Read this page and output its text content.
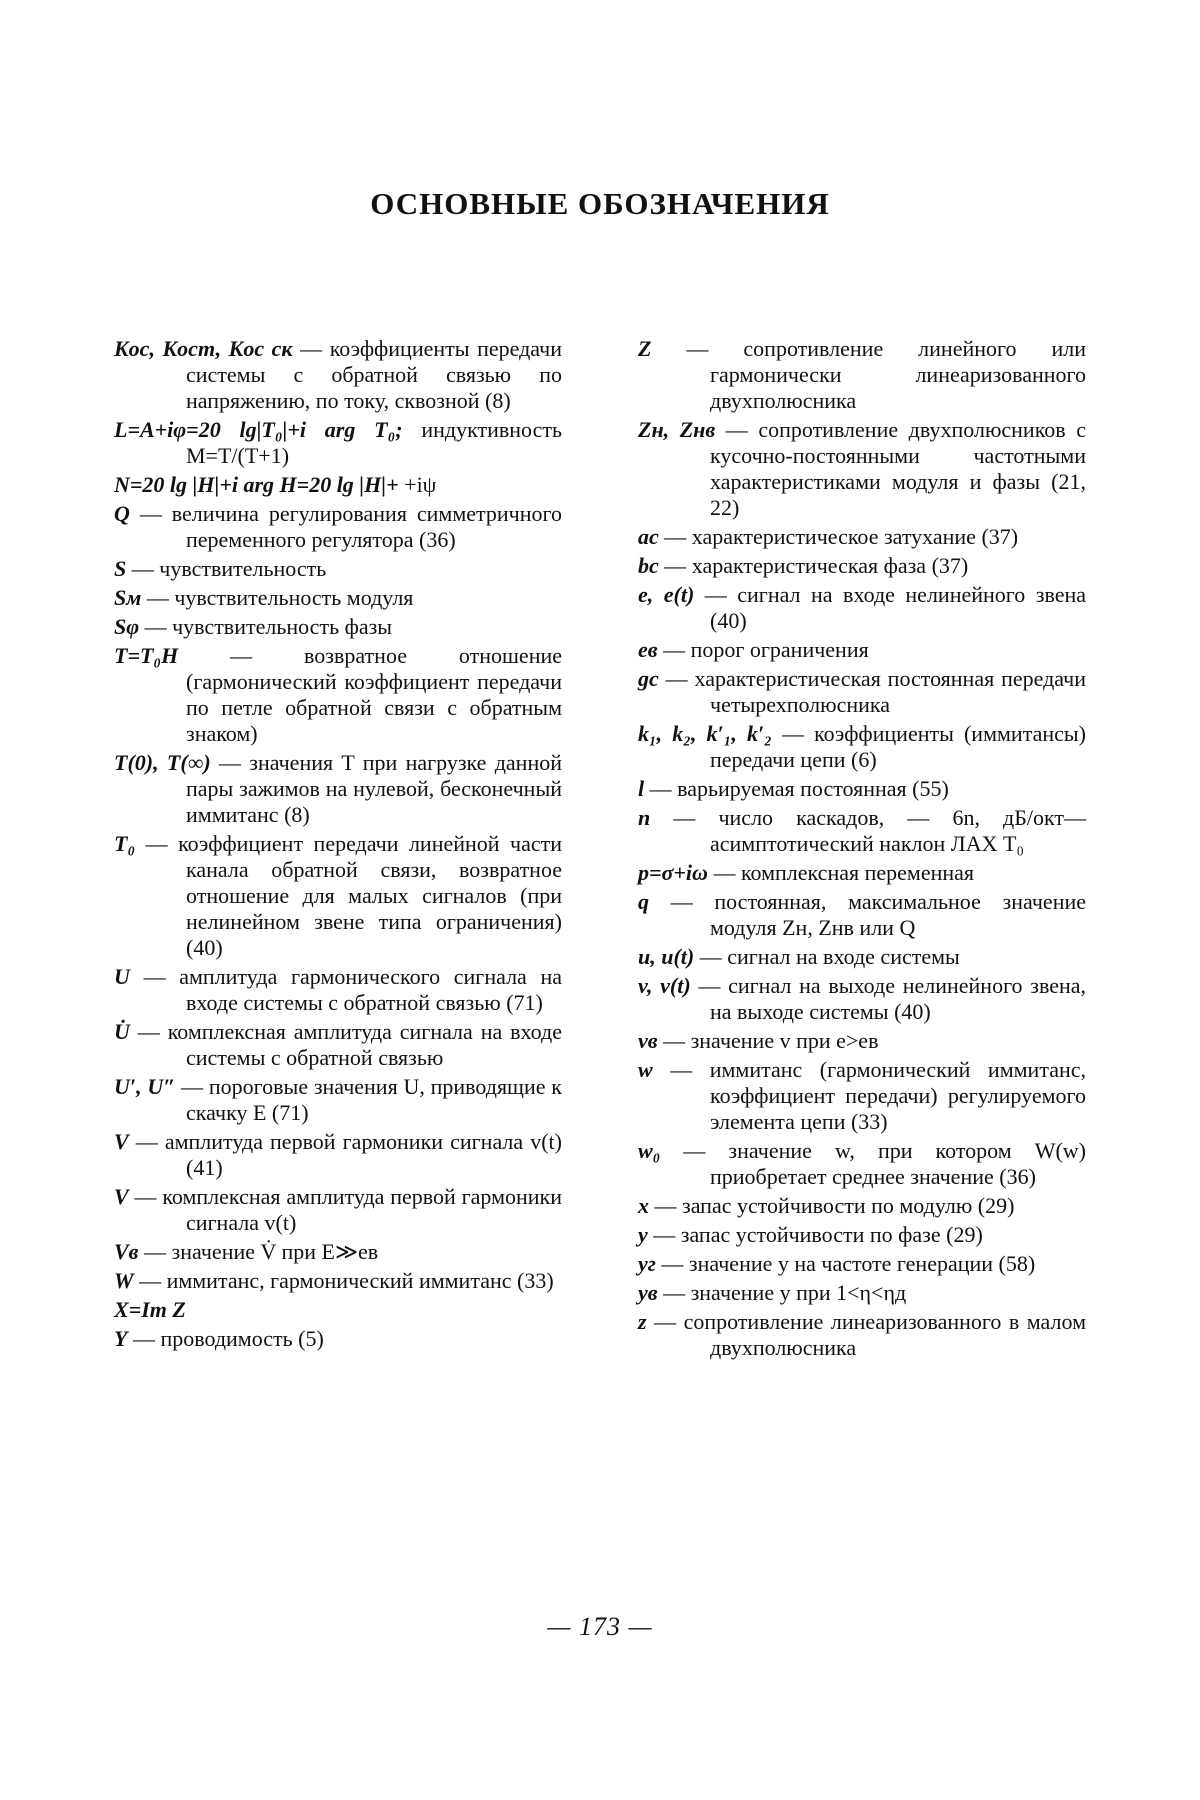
ОСНОВНЫЕ ОБОЗНАЧЕНИЯ
Kос, Kост, Kос ск — коэффициенты передачи системы с обратной связью по напряжению, по току, сквозной (8)
L=A+iφ=20 lg|T₀|+i arg T₀; индуктивность M=T/(T+1)
N=20 lg |H|+i arg H=20 lg |H|+ +iψ
Q — величина регулирования симметричного переменного регулятора (36)
S — чувствительность
Sм — чувствительность модуля
Sφ — чувствительность фазы
T=T₀H — возвратное отношение (гармонический коэффициент передачи по петле обратной связи с обратным знаком)
T(0), T(∞) — значения T при нагрузке данной пары зажимов на нулевой, бесконечный иммитанс (8)
T₀ — коэффициент передачи линейной части канала обратной связи, возвратное отношение для малых сигналов (при нелинейном звене типа ограничения) (40)
U — амплитуда гармонического сигнала на входе системы с обратной связью (71)
U̇ — комплексная амплитуда сигнала на входе системы с обратной связью
U′, U″ — пороговые значения U, приводящие к скачку E (71)
V — амплитуда первой гармоники сигнала v(t) (41)
V — комплексная амплитуда первой гармоники сигнала v(t)
Vв — значение V̇ при E≫eв
W — иммитанс, гармонический иммитанс (33)
X=Im Z
Y — проводимость (5)
Z — сопротивление линейного или гармонически линеаризованного двухполюсника
Zн, Zнв — сопротивление двухполюсников с кусочно-постоянными частотными характеристиками модуля и фазы (21, 22)
aс — характеристическое затухание (37)
bс — характеристическая фаза (37)
e, e(t) — сигнал на входе нелинейного звена (40)
eв — порог ограничения
gс — характеристическая постоянная передачи четырехполюсника
k₁, k₂, k′₁, k′₂ — коэффициенты (иммитансы) передачи цепи (6)
l — варьируемая постоянная (55)
n — число каскадов, — 6n, дБ/окт— асимптотический наклон ЛАХ T₀
p=σ+iω — комплексная переменная
q — постоянная, максимальное значение модуля Zн, Zнв или Q
u, u(t) — сигнал на входе системы
v, v(t) — сигнал на выходе нелинейного звена, на выходе системы (40)
vв — значение v при e>eв
w — иммитанс (гармонический иммитанс, коэффициент передачи) регулируемого элемента цепи (33)
w₀ — значение w, при котором W(w) приобретает среднее значение (36)
x — запас устойчивости по модулю (29)
y — запас устойчивости по фазе (29)
yг — значение y на частоте генерации (58)
yв — значение y при 1<η<ηд
z — сопротивление линеаризованного в малом двухполюсника
— 173 —
